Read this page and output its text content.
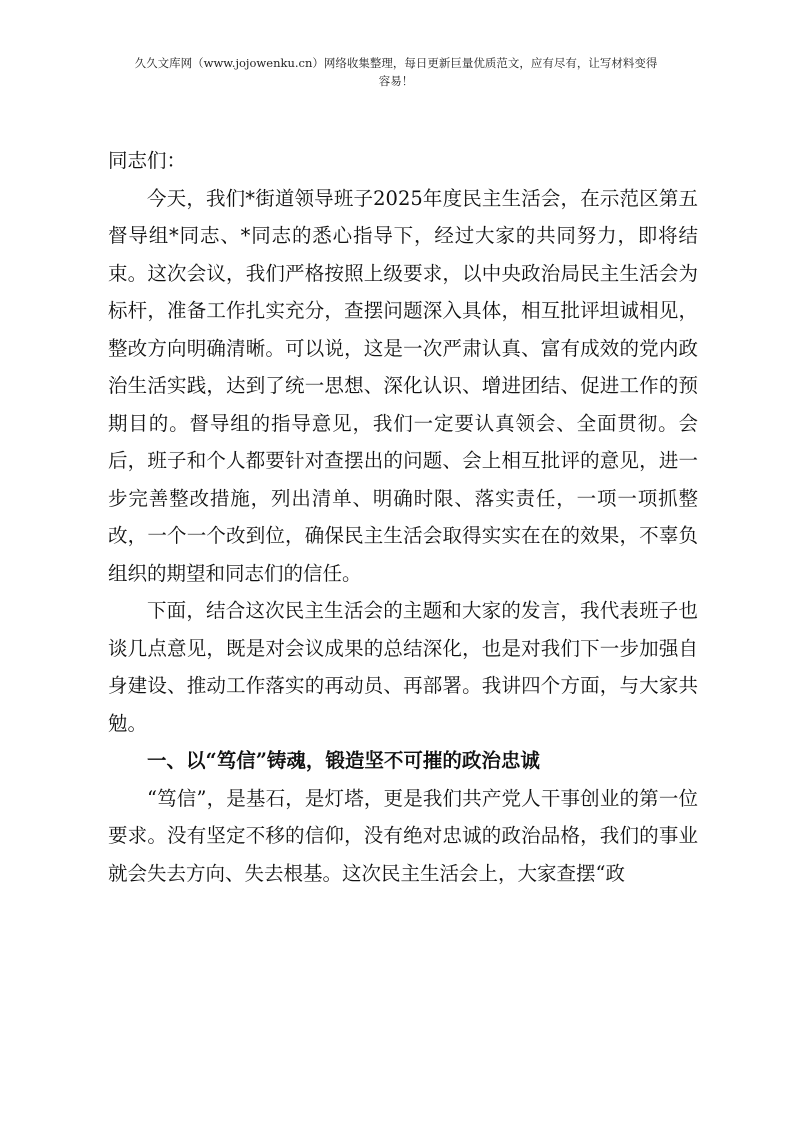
久久文库网（www.jojowenku.cn）网络收集整理，每日更新巨量优质范文，应有尽有，让写材料变得
容易！

同志们：

今天，我们*街道领导班子2025年度民主生活会，在示范区第五督导组*同志、*同志的悉心指导下，经过大家的共同努力，即将结束。这次会议，我们严格按照上级要求，以中央政治局民主生活会为标杆，准备工作扎实充分，查摆问题深入具体，相互批评坦诚相见，整改方向明确清晰。可以说，这是一次严肃认真、富有成效的党内政治生活实践，达到了统一思想、深化认识、增进团结、促进工作的预期目的。督导组的指导意见，我们一定要认真领会、全面贯彻。会后，班子和个人都要针对查摆出的问题、会上相互批评的意见，进一步完善整改措施，列出清单、明确时限、落实责任，一项一项抓整改，一个一个改到位，确保民主生活会取得实实在在的效果，不辜负组织的期望和同志们的信任。

下面，结合这次民主生活会的主题和大家的发言，我代表班子也谈几点意见，既是对会议成果的总结深化，也是对我们下一步加强自身建设、推动工作落实的再动员、再部署。我讲四个方面，与大家共勉。

一、以“笃信”铸魂，锻造坚不可摧的政治忠诚

“笃信”，是基石，是灯塔，更是我们共产党人干事创业的第一位要求。没有坚定不移的信仰，没有绝对忠诚的政治品格，我们的事业就会失去方向、失去根基。这次民主生活会上，大家查摆“政
